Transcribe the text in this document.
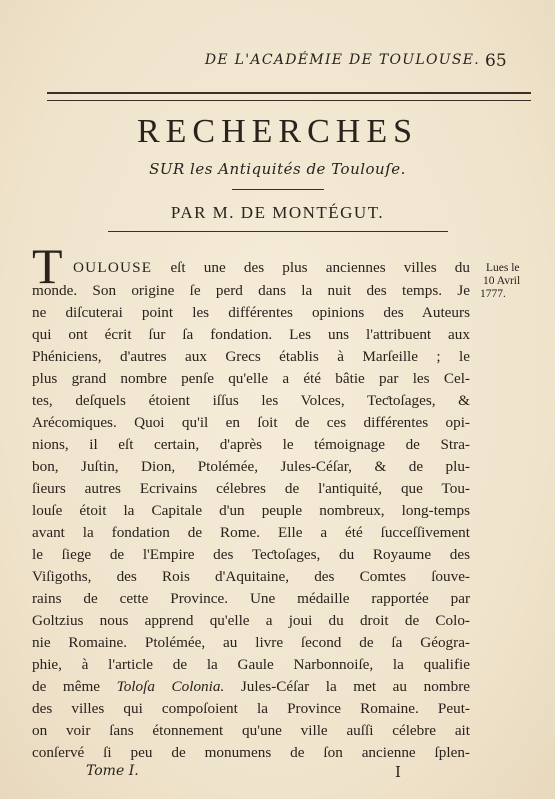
DE L'ACADÉMIE DE TOULOUSE. 65
RECHERCHES
SUR les Antiquités de Toulouſe.
PAR M. DE MONTÉGUT.
T OULOUSE eſt une des plus anciennes villes du
monde. Son origine ſe perd dans la nuit des temps. Je
ne diſcuterai point les différentes opinions des Auteurs
qui ont écrit ſur ſa fondation. Les uns l'attribuent aux
Phéniciens, d'autres aux Grecs établis à Marſeille ; le
plus grand nombre penſe qu'elle a été bâtie par les Cel-
tes, deſquels étoient iſſus les Volces, Teƈtoſages, &
Arécomiques. Quoi qu'il en ſoit de ces différentes opi-
nions, il eſt certain, d'après le témoignage de Stra-
bon, Juſtin, Dion, Ptolémée, Jules-Céſar, & de plu-
ſieurs autres Ecrivains célebres de l'antiquité, que Tou-
louſe étoit la Capitale d'un peuple nombreux, long-temps
avant la fondation de Rome. Elle a été ſucceſſivement
le ſiege de l'Empire des Teƈtoſages, du Royaume des
Viſigoths, des Rois d'Aquitaine, des Comtes ſouve-
rains de cette Province. Une médaille rapportée par
Goltzius nous apprend qu'elle a joui du droit de Colo-
nie Romaine. Ptolémée, au livre ſecond de ſa Géogra-
phie, à l'article de la Gaule Narbonnoiſe, la qualifie
de même Toloſa Colonia. Jules-Céſar la met au nombre
des villes qui compoſoient la Province Romaine. Peut-
on voir ſans étonnement qu'une ville auſſi célebre ait
conſervé ſi peu de monumens de ſon ancienne ſplen-
Lues le
10 Avril
1777.
Tome I.	I
